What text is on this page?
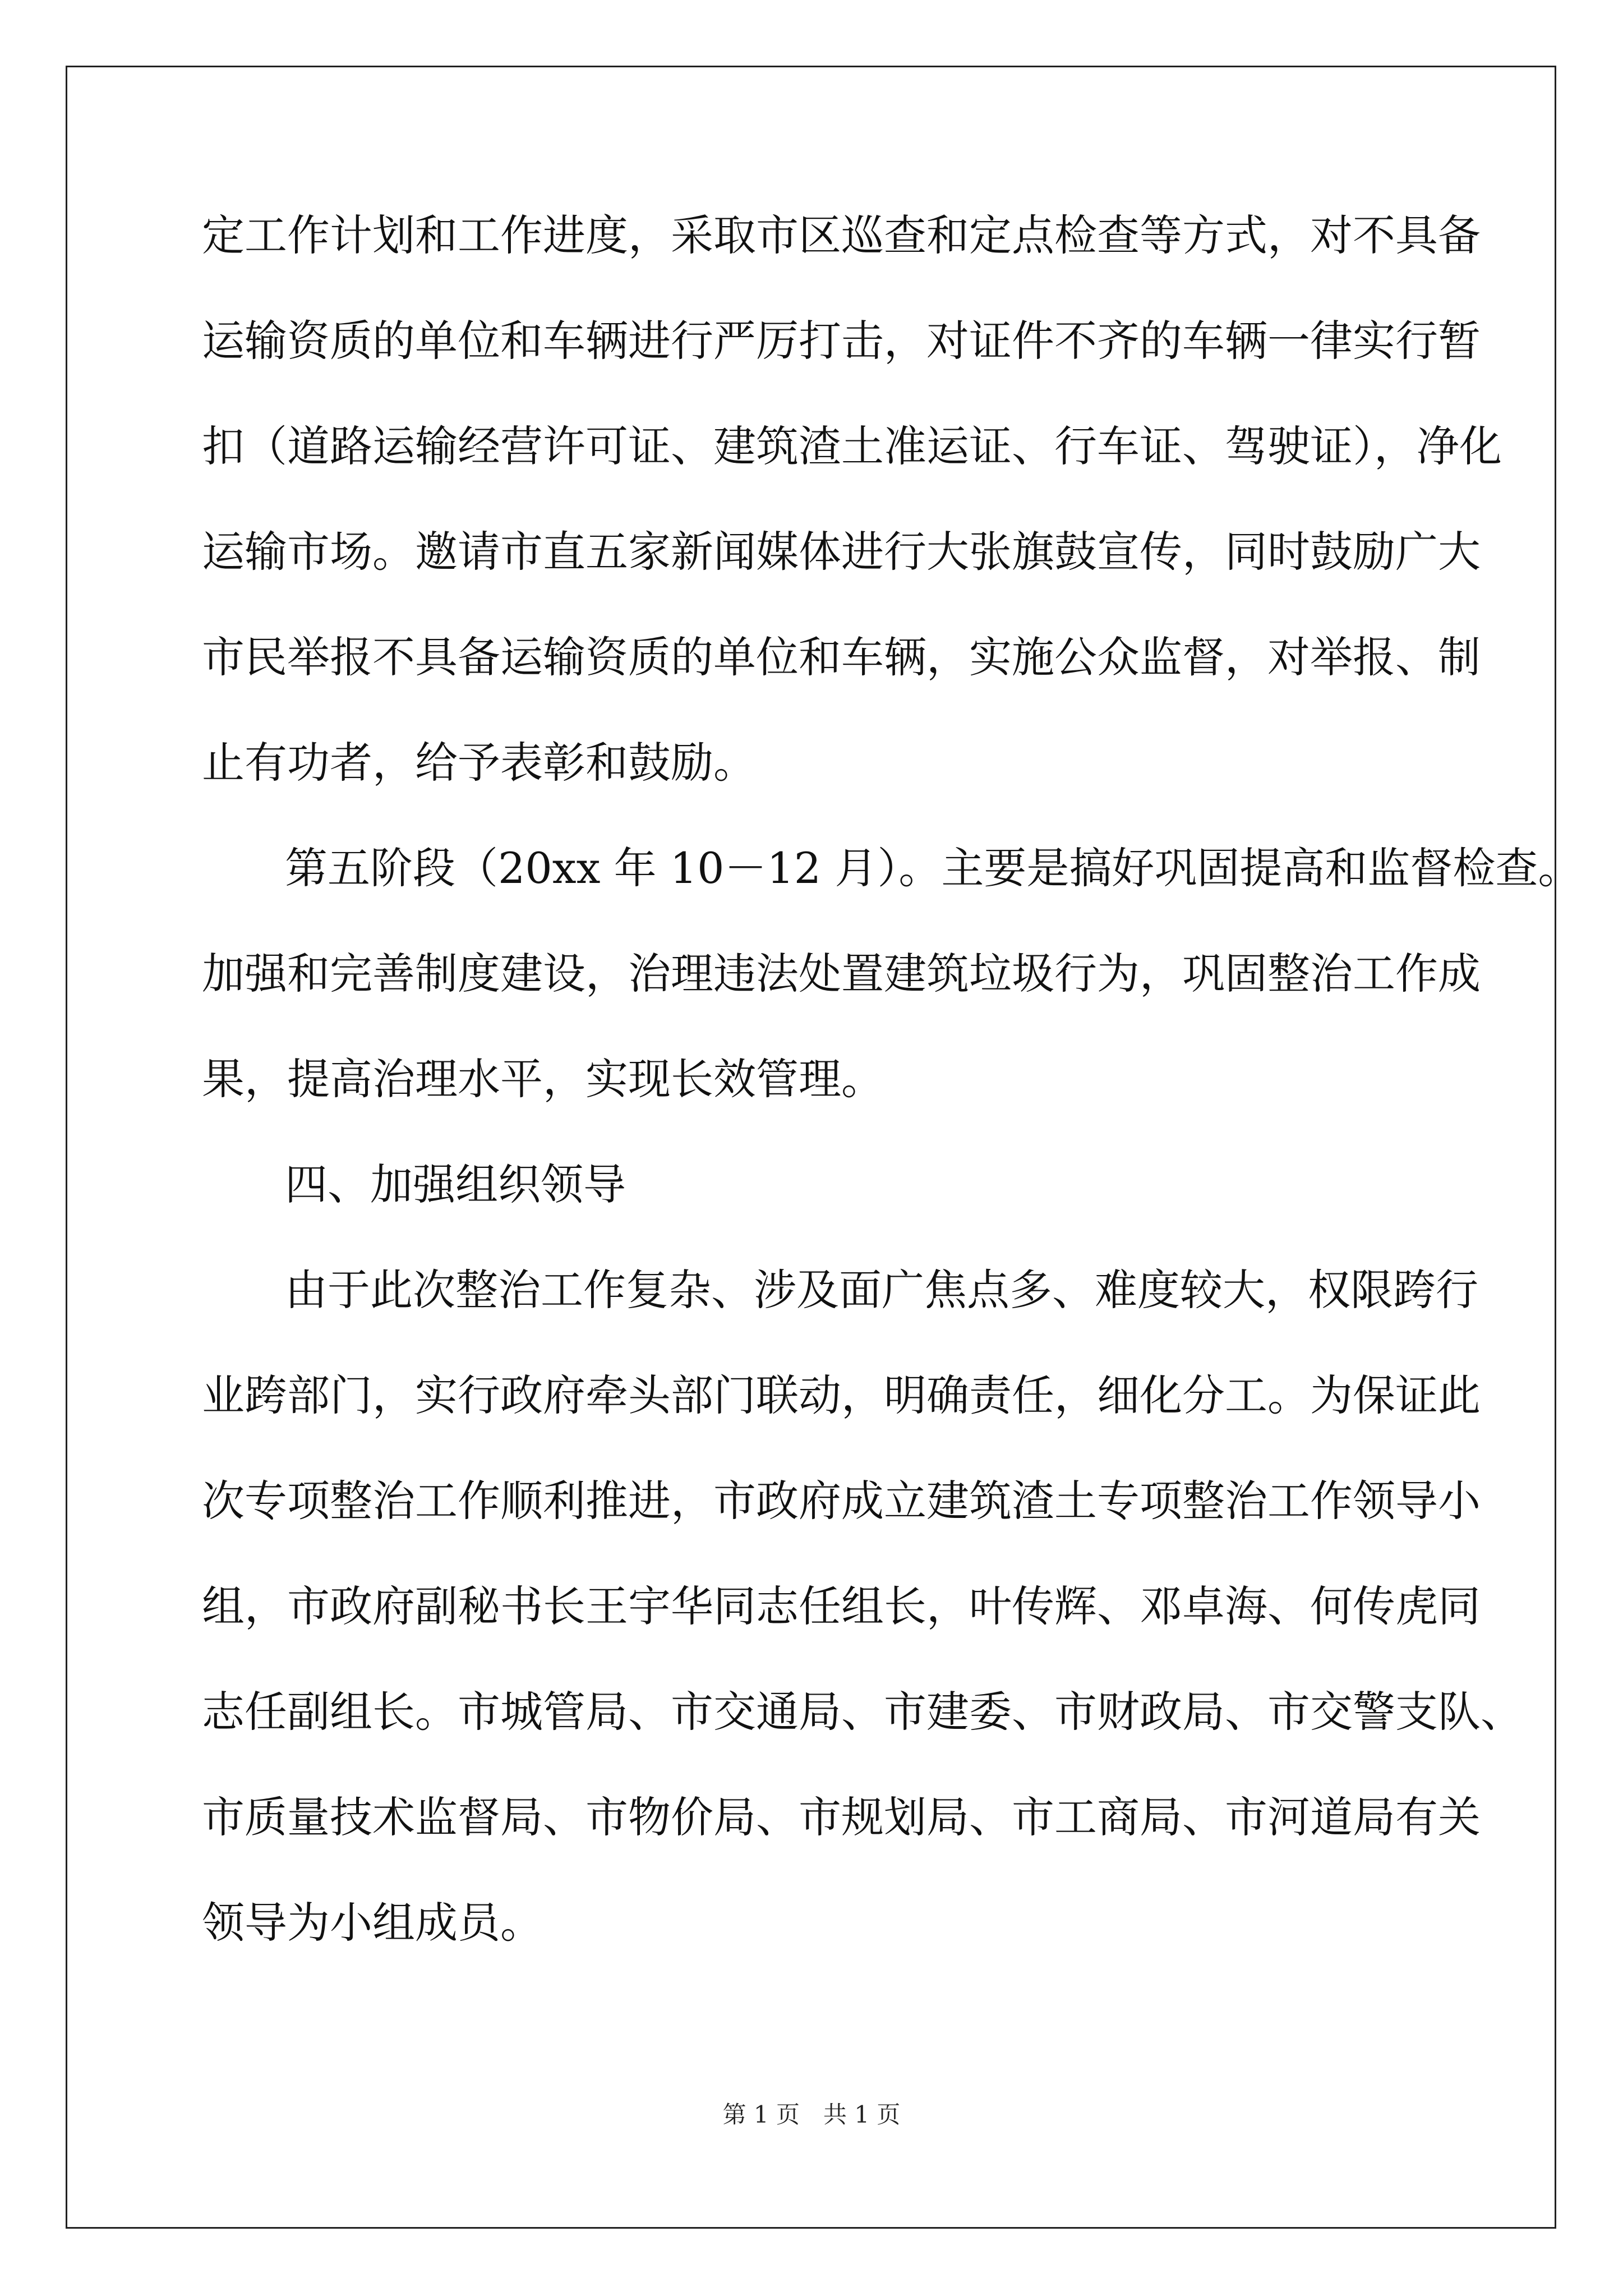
定工作计划和工作进度，采取市区巡查和定点检查等方式，对不具备
运输资质的单位和车辆进行严厉打击，对证件不齐的车辆一律实行暂
扣（道路运输经营许可证、建筑渣土准运证、行车证、驾驶证），净化
运输市场。邀请市直五家新闻媒体进行大张旗鼓宣传，同时鼓励广大
市民举报不具备运输资质的单位和车辆，实施公众监督，对举报、制
止有功者，给予表彰和鼓励。
第五阶段（20xx 年 10－12 月）。主要是搞好巩固提高和监督检查。
加强和完善制度建设，治理违法处置建筑垃圾行为，巩固整治工作成
果，提高治理水平，实现长效管理。
四、加强组织领导
由于此次整治工作复杂、涉及面广焦点多、难度较大，权限跨行
业跨部门，实行政府牵头部门联动，明确责任，细化分工。为保证此
次专项整治工作顺利推进，市政府成立建筑渣土专项整治工作领导小
组，市政府副秘书长王宇华同志任组长，叶传辉、邓卓海、何传虎同
志任副组长。市城管局、市交通局、市建委、市财政局、市交警支队、
市质量技术监督局、市物价局、市规划局、市工商局、市河道局有关
领导为小组成员。
第 1 页　共 1 页
